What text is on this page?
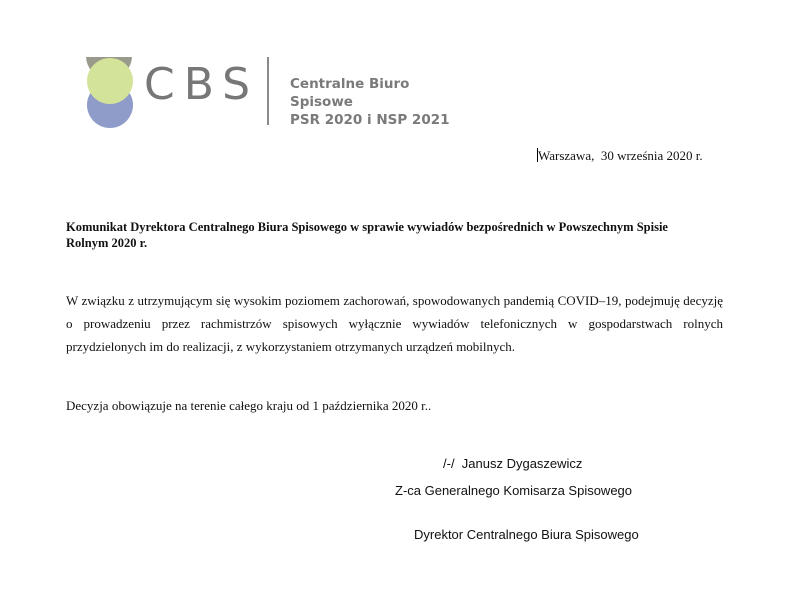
CBS Centralne Biuro Spisowe
PSR 2020 i NSP 2021
Warszawa,  30 września 2020 r.
Komunikat Dyrektora Centralnego Biura Spisowego w sprawie wywiadów bezpośrednich w Powszechnym Spisie Rolnym 2020 r.
W związku z utrzymującym się wysokim poziomem zachorowań, spowodowanych pandemią COVID–19, podejmuję decyzję o prowadzeniu przez rachmistrzów spisowych wyłącznie wywiadów telefonicznych w gospodarstwach rolnych przydzielonych im do realizacji, z wykorzystaniem otrzymanych urządzeń mobilnych.
Decyzja obowiązuje na terenie całego kraju od 1 października 2020 r..
/-/  Janusz Dygaszewicz
Z-ca Generalnego Komisarza Spisowego
Dyrektor Centralnego Biura Spisowego
